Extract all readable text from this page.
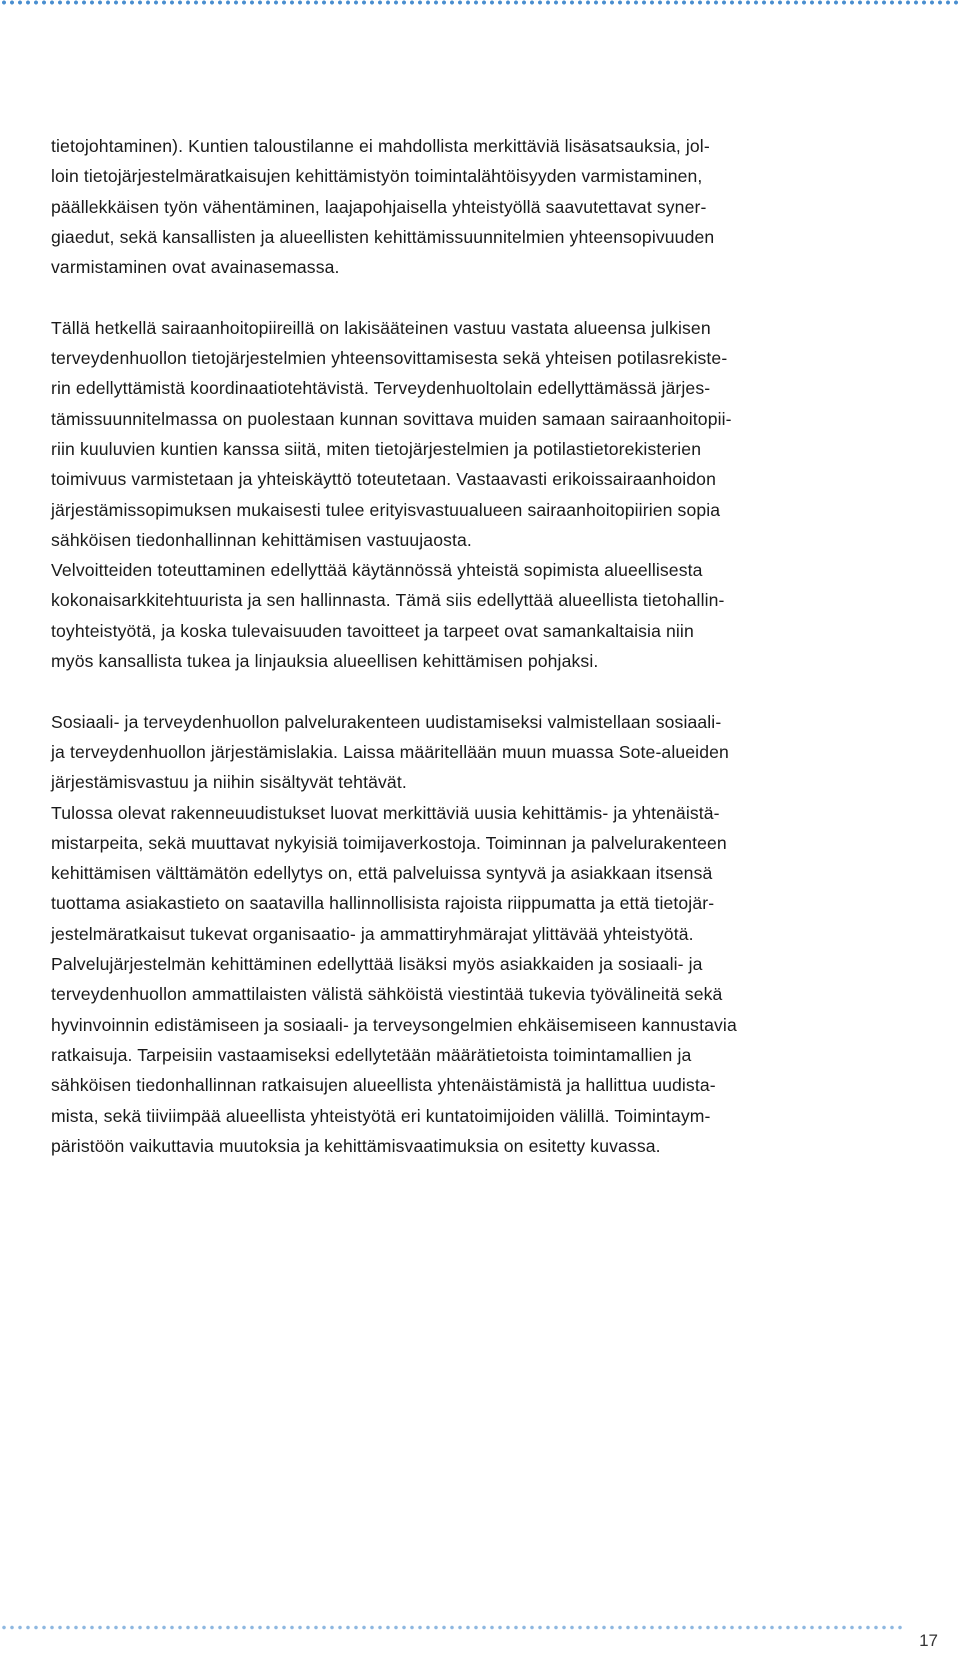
tietojohtaminen). Kuntien taloustilanne ei mahdollista merkittäviä lisäsatsauksia, jol-
loin tietojärjestelmäratkaisujen kehittämistyön toimintalähtöisyyden varmistaminen,
päällekkäisen työn vähentäminen, laajapohjaisella yhteistyöllä saavutettavat syner-
giaedut, sekä kansallisten ja alueellisten kehittämissuunnitelmien yhteensopivuuden
varmistaminen ovat avainasemassa.

Tällä hetkellä sairaanhoitopiireillä on lakisääteinen vastuu vastata alueensa julkisen
terveydenhuollon tietojärjestelmien yhteensovittamisesta sekä yhteisen potilasrekiste-
rin edellyttämistä koordinaatiotehtävistä. Terveydenhuoltolain edellyttämässä järjes-
tämissuunnitelmassa on puolestaan kunnan sovittava muiden samaan sairaanhoitopii-
riin kuuluvien kuntien kanssa siitä, miten tietojärjestelmien ja potilastietorekisterien
toimivuus varmistetaan ja yhteiskäyttö toteutetaan. Vastaavasti erikoissairaanhoidon
järjestämissopimuksen mukaisesti tulee erityisvastuualueen sairaanhoitopiirien sopia
sähköisen tiedonhallinnan kehittämisen vastuujaosta.
Velvoitteiden toteuttaminen edellyttää käytännössä yhteistä sopimista alueellisesta
kokonaisarkkitehtuurista ja sen hallinnasta. Tämä siis edellyttää alueellista tietohallin-
toyhteistyötä, ja koska tulevaisuuden tavoitteet ja tarpeet ovat samankaltaisia niin
myös kansallista tukea ja linjauksia alueellisen kehittämisen pohjaksi.

Sosiaali- ja terveydenhuollon palvelurakenteen uudistamiseksi valmistellaan sosiaali-
ja terveydenhuollon järjestämislakia. Laissa määritellään muun muassa Sote-alueiden
järjestämisvastuu ja niihin sisältyvät tehtävät.
Tulossa olevat rakenneuudistukset luovat merkittäviä uusia kehittämis- ja yhtenäistä-
mistarpeita, sekä muuttavat nykyisiä toimijaverkostoja. Toiminnan ja palvelurakenteen
kehittämisen välttämätön edellytys on, että palveluissa syntyvä ja asiakkaan itsensä
tuottama asiakastieto on saatavilla hallinnollisista rajoista riippumatta ja että tietojär-
jestelmäratkaisut tukevat organisaatio- ja ammattiryhmärajat ylittävää yhteistyötä.
Palvelujärjestelmän kehittäminen edellyttää lisäksi myös asiakkaiden ja sosiaali- ja
terveydenhuollon ammattilaisten välistä sähköistä viestintää tukevia työvälineitä sekä
hyvinvoinnin edistämiseen ja sosiaali- ja terveysongelmien ehkäisemiseen kannustavia
ratkaisuja. Tarpeisiin vastaamiseksi edellytetään määrätietoista toimintamallien ja
sähköisen tiedonhallinnan ratkaisujen alueellista yhtenäistämistä ja hallittua uudista-
mista, sekä tiiviimpää alueellista yhteistyötä eri kuntatoimijoiden välillä. Toimintaym-
päristöön vaikuttavia muutoksia ja kehittämisvaatimuksia on esitetty kuvassa.

17
